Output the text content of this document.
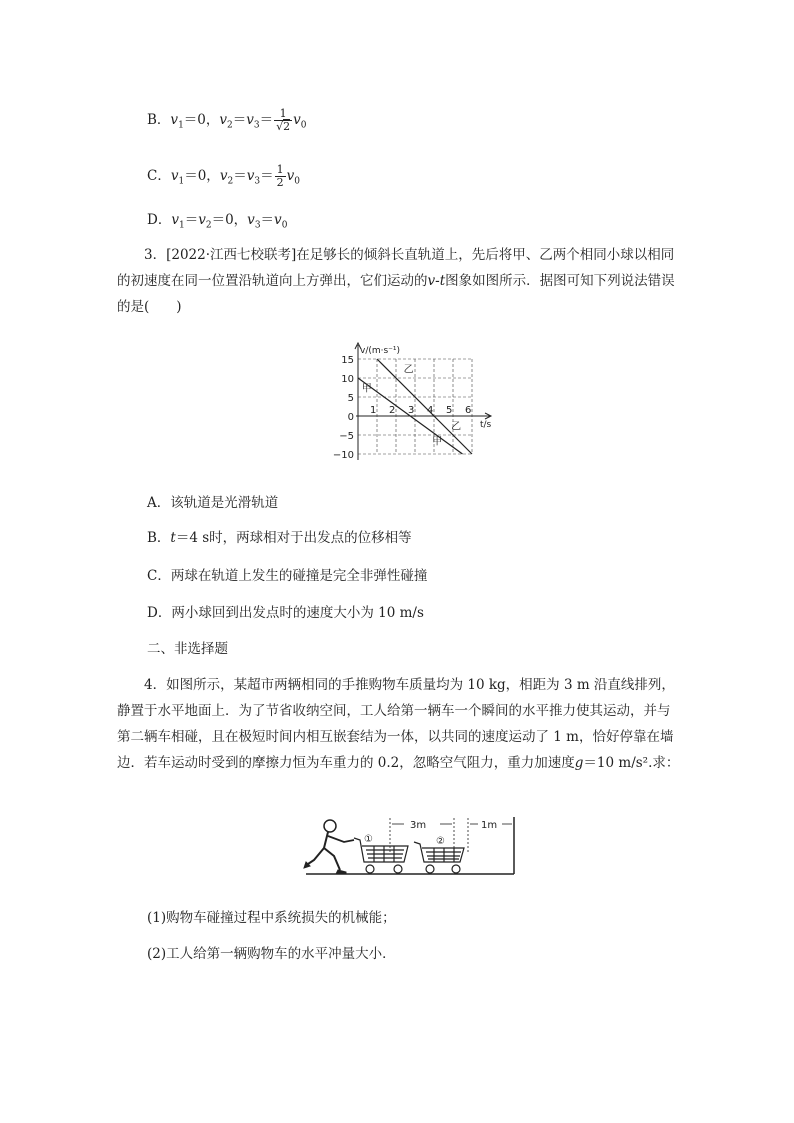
B．$v_1=0$，$v_2=v_3= \frac{1}{√2} v_0$
C．$v_1=0$，$v_2=v_3= \frac{1}{2} v_0$
D．$v_1=v_2=0$，$v_3=v_0$

3．[2022·江西七校联考]在足够长的倾斜长直轨道上，先后将甲、乙两个相同小球以相同的初速度在同一位置沿轨道向上方弹出，它们运动的v-t图象如图所示．据图可知下列说法错误的是(　　)

15
10
5
0
−5
−10
1 2 3 4 5 6
v/(m·s⁻¹)
t/s
甲
乙
甲
乙
A．该轨道是光滑轨道
B．t＝4 s时，两球相对于出发点的位移相等
C．两球在轨道上发生的碰撞是完全非弹性碰撞
D．两小球回到出发点时的速度大小为 10 m/s
二、非选择题

4．如图所示，某超市两辆相同的手推购物车质量均为 10 kg，相距为 3 m 沿直线排列，静置于水平地面上．为了节省收纳空间，工人给第一辆车一个瞬间的水平推力使其运动，并与第二辆车相碰，且在极短时间内相互嵌套结为一体，以共同的速度运动了 1 m，恰好停靠在墙边．若车运动时受到的摩擦力恒为车重力的 0.2，忽略空气阻力，重力加速度g＝10 m/s².求：

①	②
3m	1m
(1)购物车碰撞过程中系统损失的机械能；
(2)工人给第一辆购物车的水平冲量大小．
